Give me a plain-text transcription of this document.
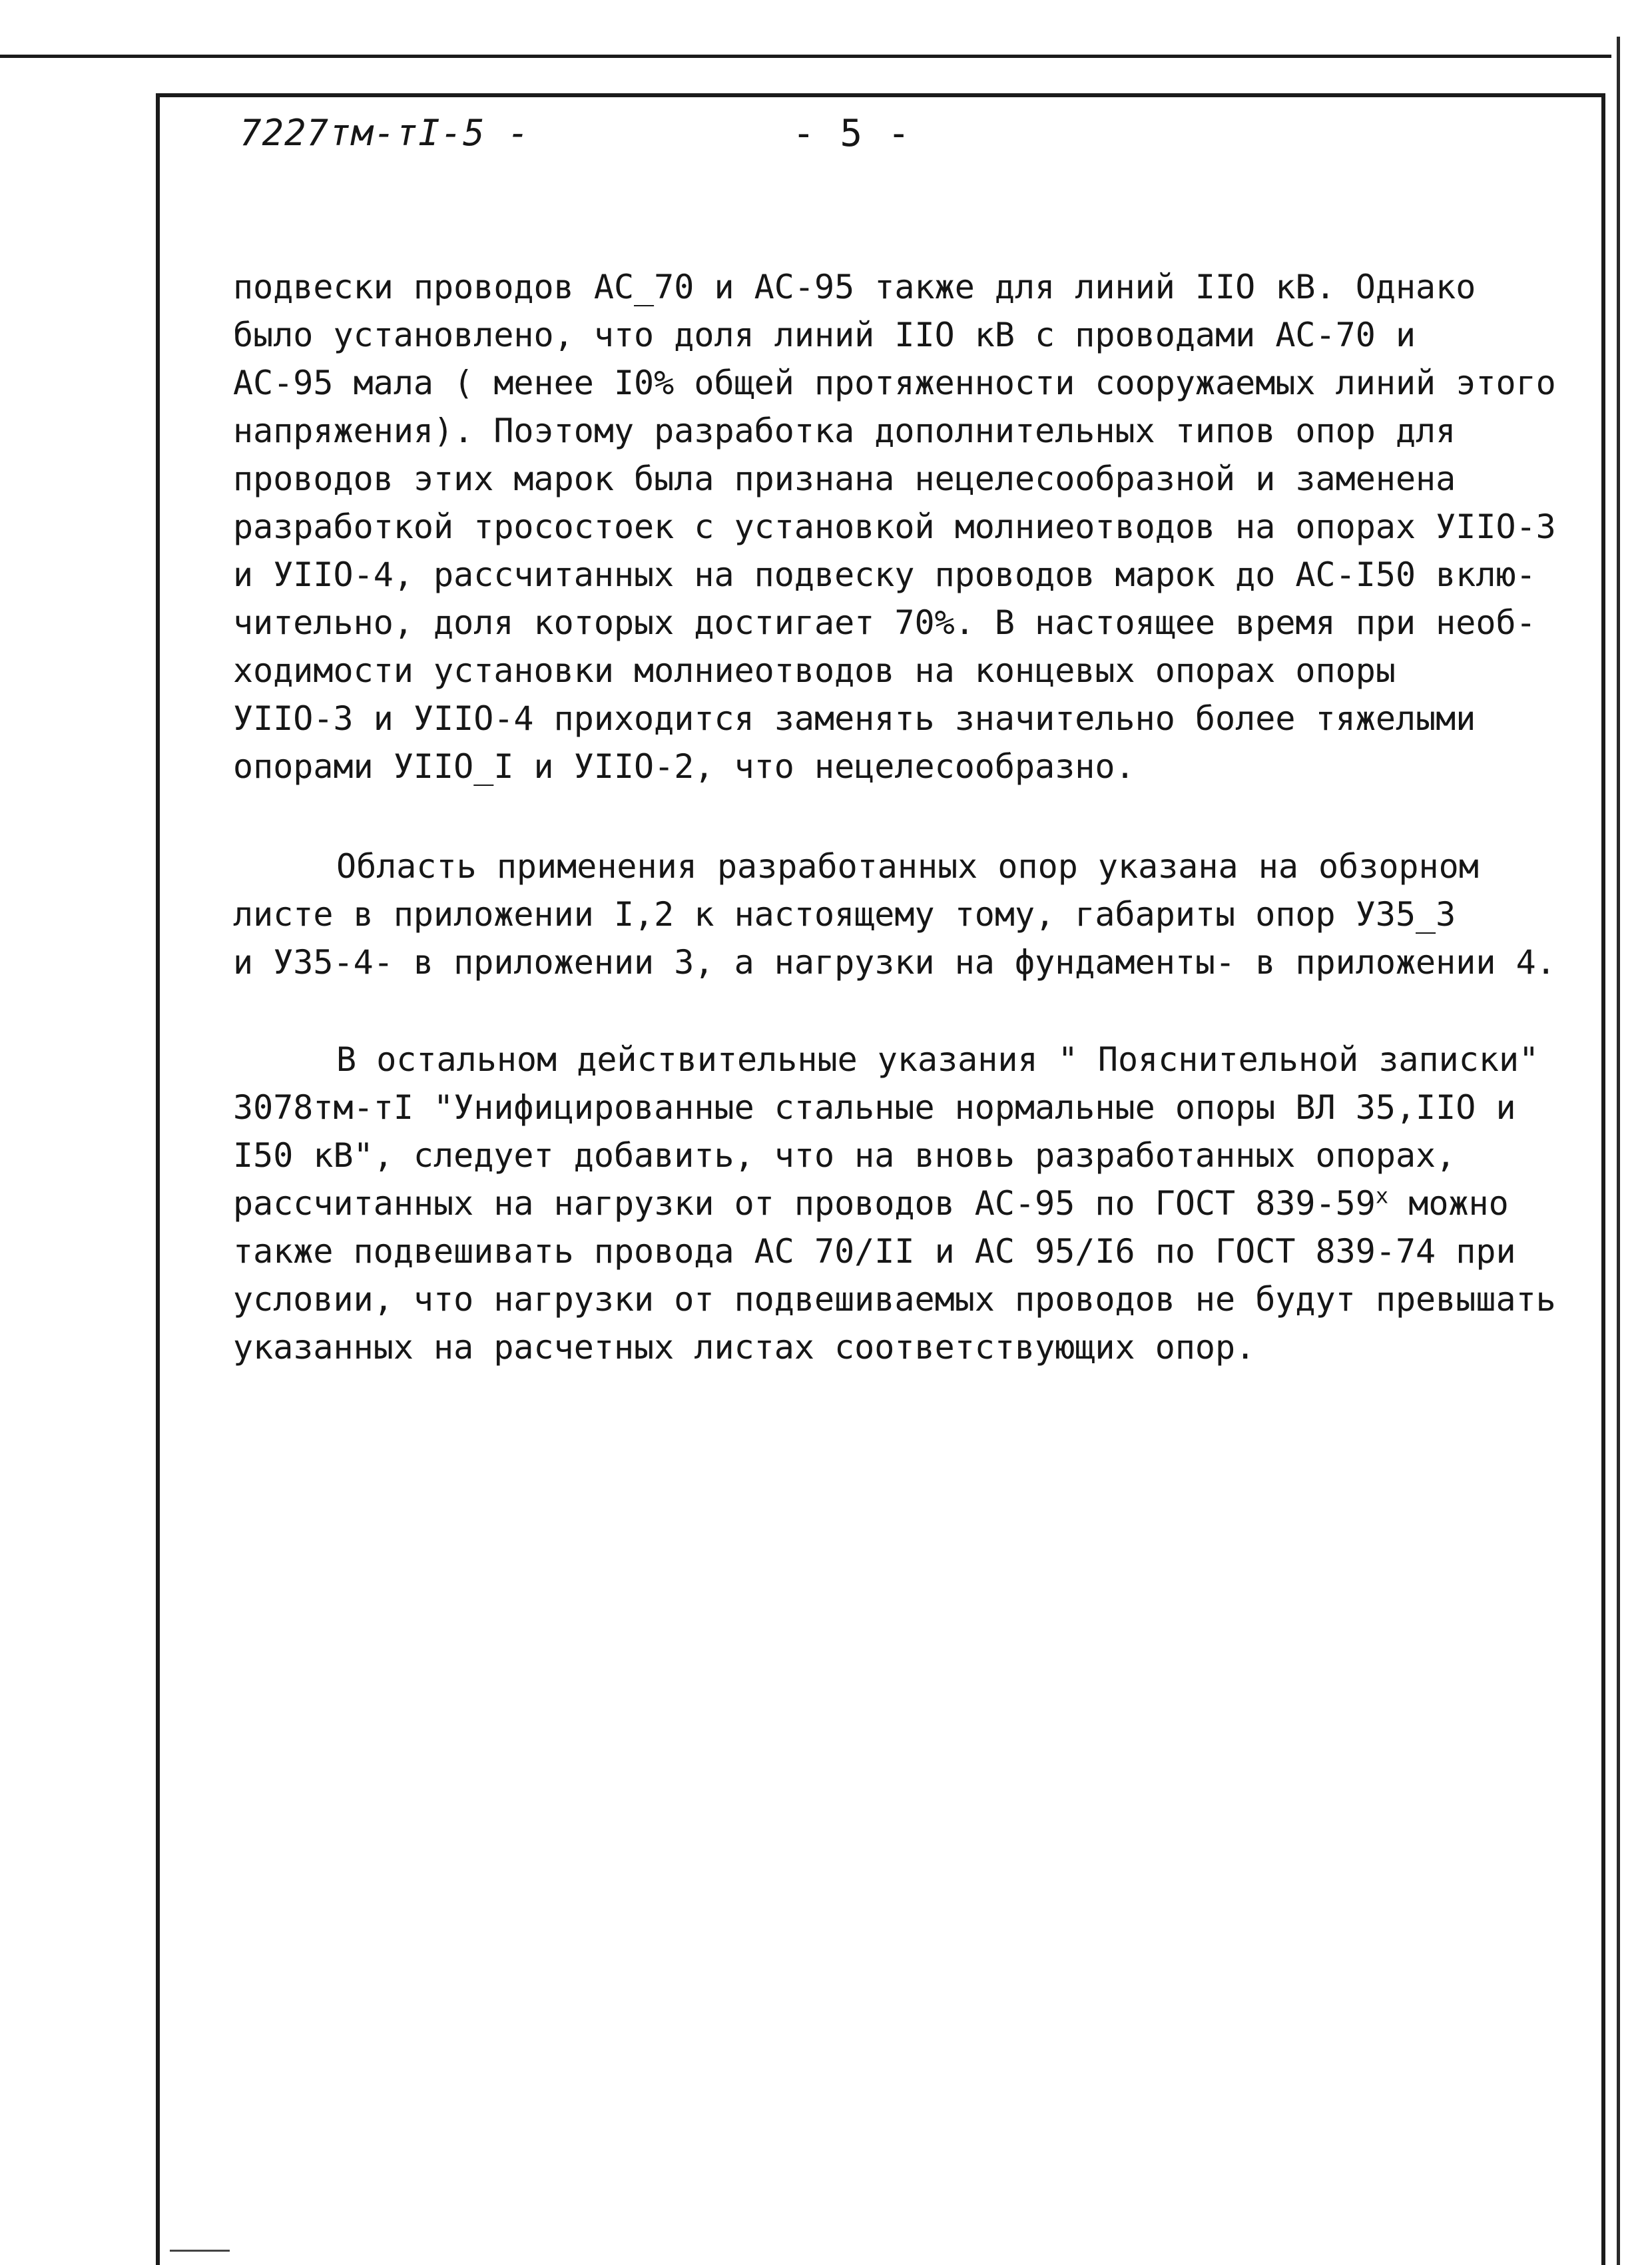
7227тм-тI-5 -	- 5 -
подвески проводов АС_70 и АС-95 также для линий IIO кВ. Однако
было установлено, что доля линий IIO кВ с проводами АС-70 и
АС-95 мала ( менее I0% общей протяженности сооружаемых линий этого
напряжения). Поэтому разработка дополнительных типов опор для
проводов этих марок была признана нецелесообразной и заменена
разработкой тросостоек с установкой молниеотводов на опорах УIIO-3
и УIIO-4, рассчитанных на подвеску проводов марок до АС-I50 вклю-
чительно, доля которых достигает 70%. В настоящее время при необ-
ходимости установки молниеотводов на концевых опорах опоры
УIIO-3 и УIIO-4 приходится заменять значительно более тяжелыми
опорами УIIO_I и УIIO-2, что нецелесообразно.
Область применения разработанных опор указана на обзорном
листе в приложении I,2 к настоящему тому, габариты опор У35_3
и У35-4- в приложении 3, а нагрузки на фундаменты- в приложении 4.
В остальном действительные указания " Пояснительной записки"
3078тм-тI "Унифицированные стальные нормальные опоры ВЛ 35,IIO и
I50 кВ", следует добавить, что на вновь разработанных опорах,
рассчитанных на нагрузки от проводов АС-95 по ГОСТ 839-59$^x$ можно
также подвешивать провода АС 70/II и АС 95/I6 по ГОСТ 839-74 при
условии, что нагрузки от подвешиваемых проводов не будут превышать
указанных на расчетных листах соответствующих опор.
